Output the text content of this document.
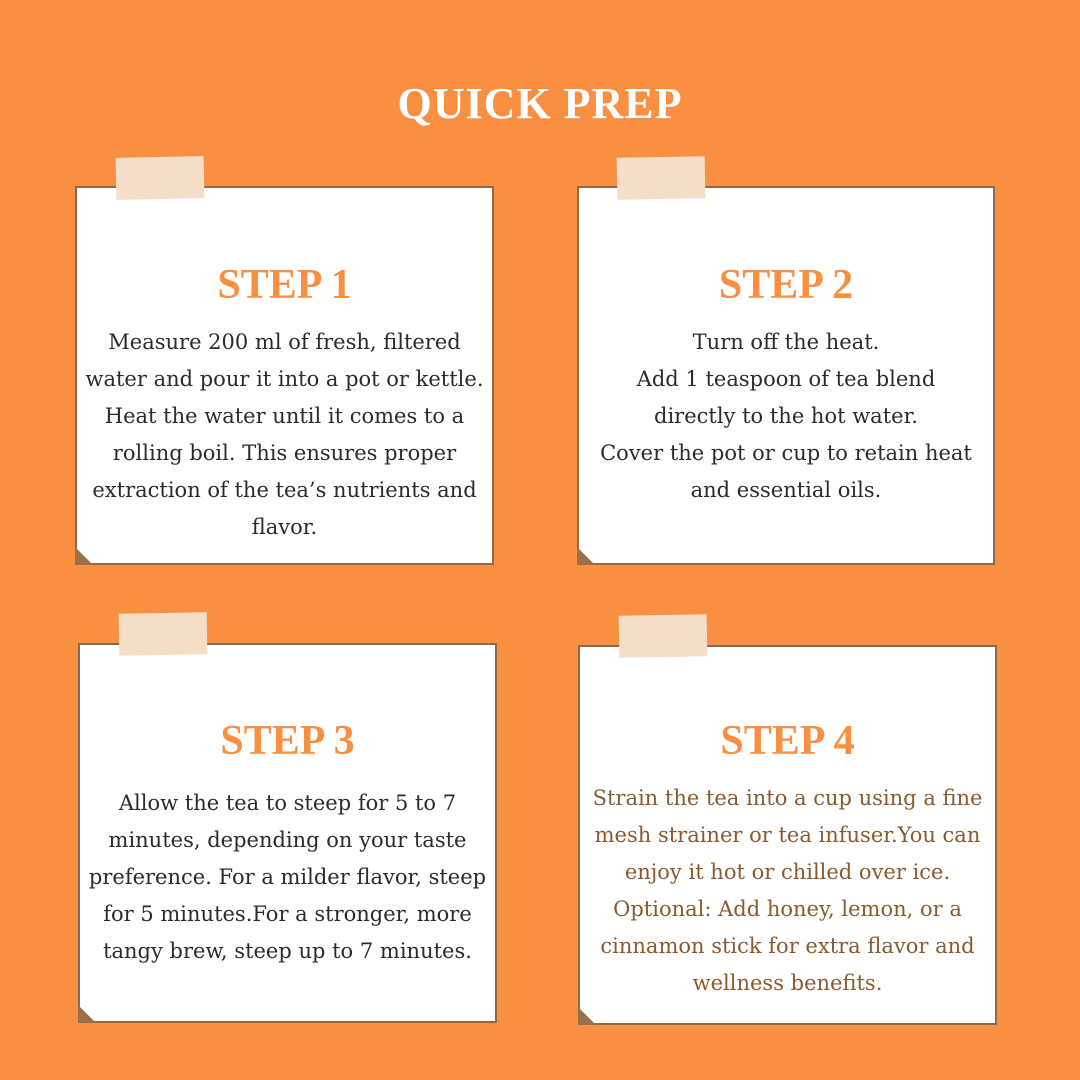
QUICK PREP
STEP 1
Measure 200 ml of fresh, filtered
water and pour it into a pot or kettle.
Heat the water until it comes to a
rolling boil. This ensures proper
extraction of the tea’s nutrients and
flavor.
STEP 2
Turn off the heat.
Add 1 teaspoon of tea blend
directly to the hot water.
Cover the pot or cup to retain heat
and essential oils.
STEP 3
Allow the tea to steep for 5 to 7
minutes, depending on your taste
preference. For a milder flavor, steep
for 5 minutes.For a stronger, more
tangy brew, steep up to 7 minutes.
STEP 4
Strain the tea into a cup using a fine
mesh strainer or tea infuser.You can
enjoy it hot or chilled over ice.
Optional: Add honey, lemon, or a
cinnamon stick for extra flavor and
wellness benefits.
